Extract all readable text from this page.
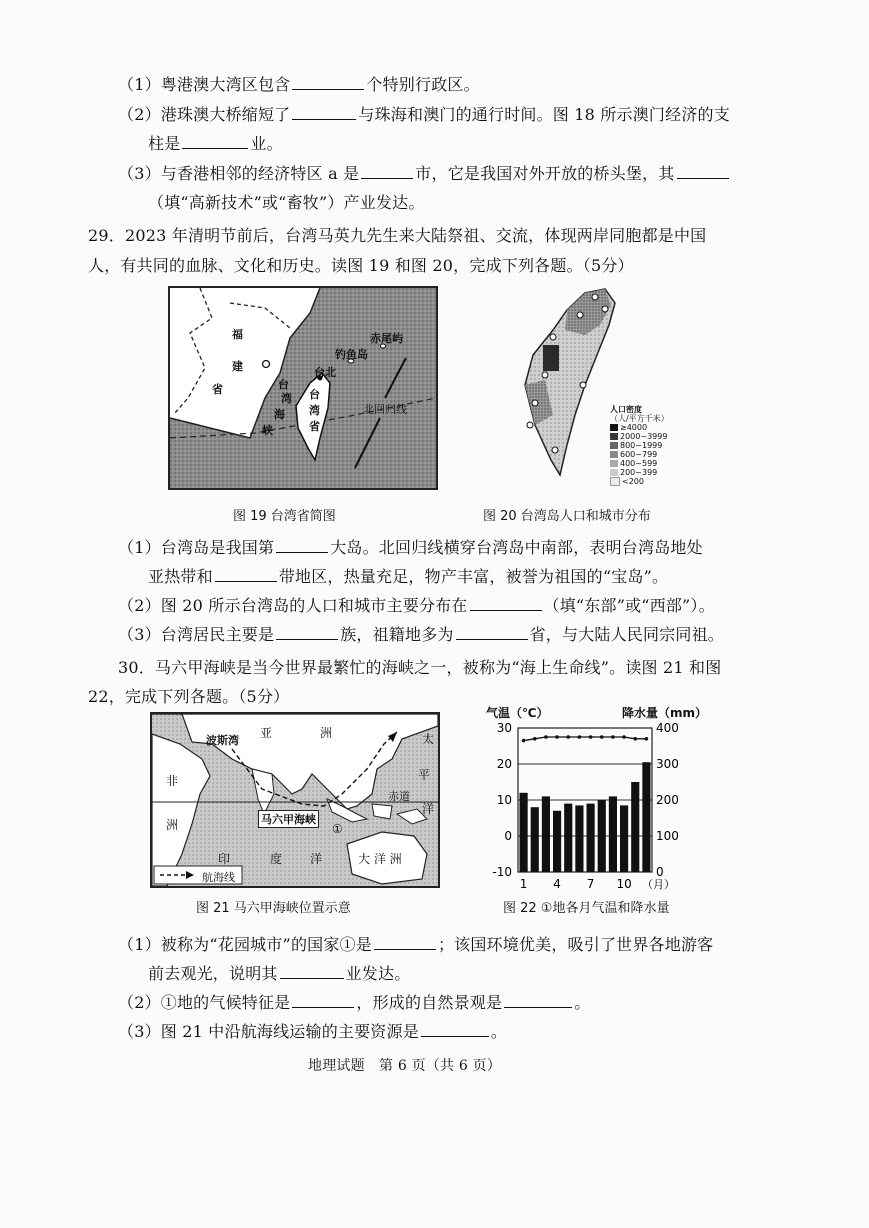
（1）粤港澳大湾区包含	个特别行政区。
（2）港珠澳大桥缩短了	与珠海和澳门的通行时间。图 18 所示澳门经济的支
柱是	业。
（3）与香港相邻的经济特区 a 是	市，它是我国对外开放的桥头堡，其
（填“高新技术”或“畜牧”）产业发达。
29．2023 年清明节前后，台湾马英九先生来大陆祭祖、交流，体现两岸同胞都是中国
人，有共同的血脉、文化和历史。读图 19 和图 20，完成下列各题。（5分）
福
建
省	台
湾
海
峡
台北
台
湾
省
钓鱼岛
赤尾屿
北回归线
图 19 台湾省简图
人口密度
（人/平方千米）
≥4000
2000~3999
800~1999
600~799
400~599
200~399
<200
图 20 台湾岛人口和城市分布
（1）台湾岛是我国第	大岛。北回归线横穿台湾岛中南部，表明台湾岛地处
亚热带和	带地区，热量充足，物产丰富，被誉为祖国的“宝岛”。
（2）图 20 所示台湾岛的人口和城市主要分布在	（填“东部”或“西部”）。
（3）台湾居民主要是	族，祖籍地多为	省，与大陆人民同宗同祖。
30．马六甲海峡是当今世界最繁忙的海峡之一，被称为“海上生命线”。读图 21 和图
22，完成下列各题。（5分）
波斯湾
亚	洲
非
洲
太
平
洋
赤道
马六甲海峡
①
印	度 洋	大 洋 洲
航海线
图 21 马六甲海峡位置示意
气温（℃）	降水量（mm）
-10
0
10
20
30
0
100
200
300
400
1 4 7 10 （月）
图 22 ①地各月气温和降水量
（1）被称为“花园城市”的国家①是	；该国环境优美，吸引了世界各地游客
前去观光，说明其	业发达。
（2）①地的气候特征是	，形成的自然景观是	。
（3）图 21 中沿航海线运输的主要资源是	。
地理试题　第 6 页（共 6 页）
